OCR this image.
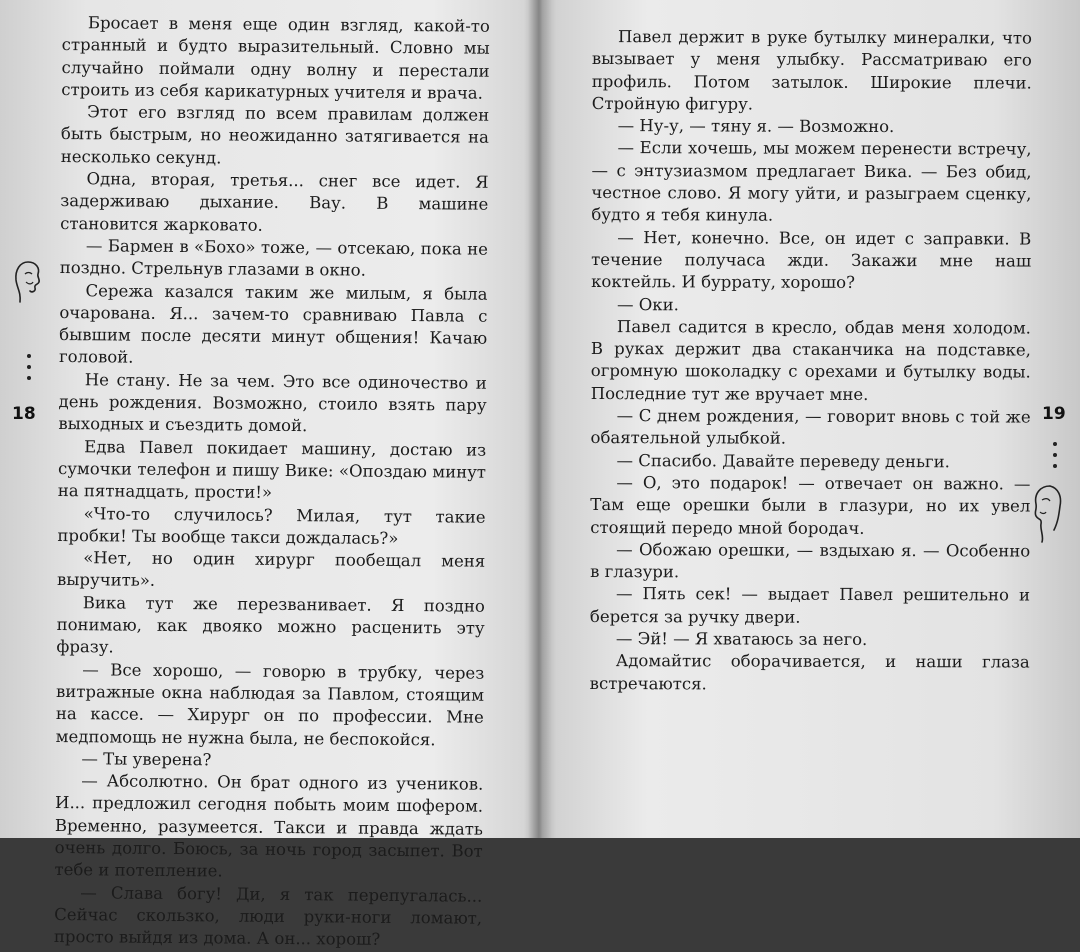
18

Бросает в меня еще один взгляд, какой-то странный и будто выразительный. Словно мы случайно поймали одну волну и перестали строить из себя карикатурных учителя и врача.

Этот его взгляд по всем правилам должен быть быстрым, но неожиданно затягивается на несколько секунд.

Одна, вторая, третья... снег все идет. Я задерживаю дыхание. Вау. В машине становится жарковато.

— Бармен в «Бохо» тоже, — отсекаю, пока не поздно. Стрельнув глазами в окно.

Сережа казался таким же милым, я была очарована. Я... зачем-то сравниваю Павла с бывшим после десяти минут общения! Качаю головой.

Не стану. Не за чем. Это все одиночество и день рождения. Возможно, стоило взять пару выходных и съездить домой.

Едва Павел покидает машину, достаю из сумочки телефон и пишу Вике: «Опоздаю минут на пятнадцать, прости!»

«Что-то случилось? Милая, тут такие пробки! Ты вообще такси дождалась?»

«Нет, но один хирург пообещал меня выручить».

Вика тут же перезванивает. Я поздно понимаю, как двояко можно расценить эту фразу.

— Все хорошо, — говорю в трубку, через витражные окна наблюдая за Павлом, стоящим на кассе. — Хирург он по профессии. Мне медпомощь не нужна была, не беспокойся.

— Ты уверена?

— Абсолютно. Он брат одного из учеников. И... предложил сегодня побыть моим шофером. Временно, разумеется. Такси и правда ждать очень долго. Боюсь, за ночь город засыпет. Вот тебе и потепление.

— Слава богу! Ди, я так перепугалась... Сейчас скользко, люди руки-ноги ломают, просто выйдя из дома. А он... хорош?

19

Павел держит в руке бутылку минералки, что вызывает у меня улыбку. Рассматриваю его профиль. Потом затылок. Широкие плечи. Стройную фигуру.

— Ну-у, — тяну я. — Возможно.

— Если хочешь, мы можем перенести встречу, — с энтузиазмом предлагает Вика. — Без обид, честное слово. Я могу уйти, и разыграем сценку, будто я тебя кинула.

— Нет, конечно. Все, он идет с заправки. В течение получаса жди. Закажи мне наш коктейль. И буррату, хорошо?

— Оки.

Павел садится в кресло, обдав меня холодом. В руках держит два стаканчика на подставке, огромную шоколадку с орехами и бутылку воды. Последние тут же вручает мне.

— С днем рождения, — говорит вновь с той же обаятельной улыбкой.

— Спасибо. Давайте переведу деньги.

— О, это подарок! — отвечает он важно. — Там еще орешки были в глазури, но их увел стоящий передо мной бородач.

— Обожаю орешки, — вздыхаю я. — Особенно в глазури.

— Пять сек! — выдает Павел решительно и берется за ручку двери.

— Эй! — Я хватаюсь за него.

Адомайтис оборачивается, и наши глаза встречаются.
